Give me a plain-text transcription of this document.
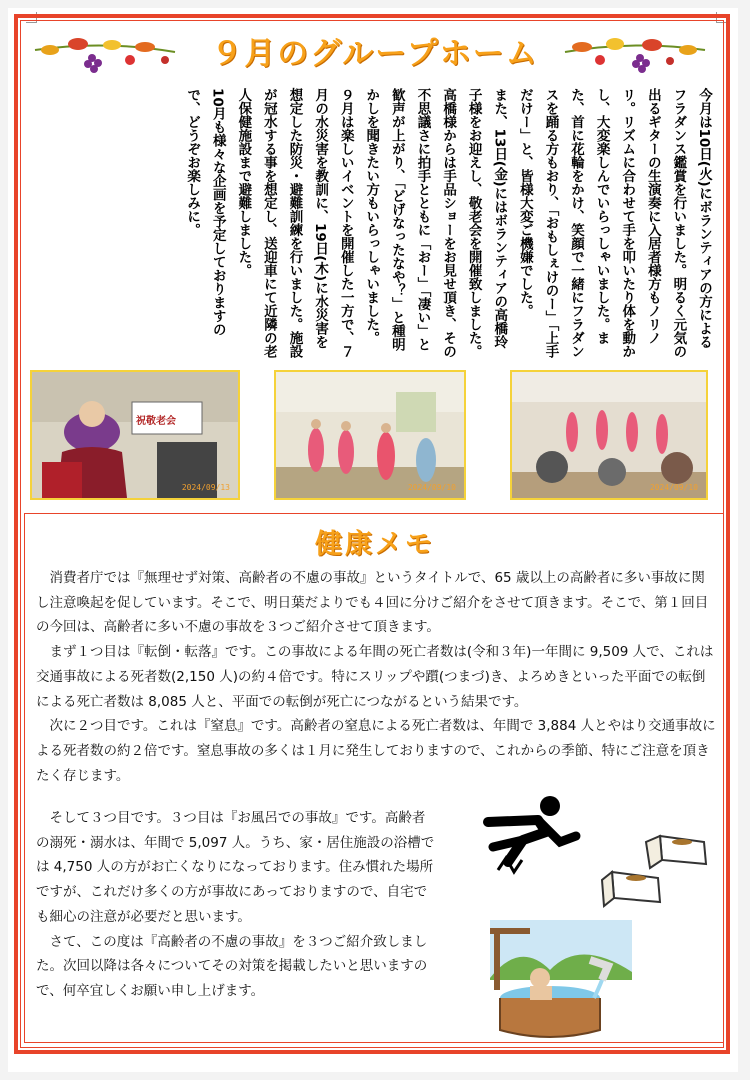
９月のグループホーム

今月は10日(火)にボランティアの方によるフラダンス鑑賞を行いました。明るく元気の出るギターの生演奏に入居者様方もノリノリ。リズムに合わせて手を叩いたり体を動かし、大変楽しんでいらっしゃいました。また、首に花輪をかけ、笑顔で一緒にフラダンスを踊る方もおり、「おもしぇけのー」「上手だけー」と、皆様大変ご機嫌でした。

また、13日(金)にはボランティアの高橋玲子様をお迎えし、敬老会を開催致しました。高橋様からは手品ショーをお見せ頂き、その不思議さに拍手とともに「おー」「凄い」と歓声が上がり、「どげなったなや？」と種明かしを聞きたい方もいらっしゃいました。

９月は楽しいイベントを開催した一方で、７月の水災害を教訓に、19日(木)に水災害を想定した防災・避難訓練を行いました。施設が冠水する事を想定し、送迎車にて近隣の老人保健施設まで避難しました。

10月も様々な企画を予定しておりますので、どうぞお楽しみに。

祝敬老会
2024/09/13	2024/09/10	2024/09/10
健康メモ

消費者庁では『無理せず対策、高齢者の不慮の事故』というタイトルで、65 歳以上の高齢者に多い事故に関し注意喚起を促しています。そこで、明日葉だよりでも４回に分けご紹介をさせて頂きます。そこで、第１回目の今回は、高齢者に多い不慮の事故を３つご紹介させて頂きます。

まず１つ目は『転倒・転落』です。この事故による年間の死亡者数は(令和３年)一年間に 9,509 人で、これは交通事故による死者数(2,150 人)の約４倍です。特にスリップや躓(つまづ)き、よろめきといった平面での転倒による死亡者数は 8,085 人と、平面での転倒が死亡につながるという結果です。

次に２つ目です。これは『窒息』です。高齢者の窒息による死亡者数は、年間で 3,884 人とやはり交通事故による死者数の約２倍です。窒息事故の多くは１月に発生しておりますので、これからの季節、特にご注意を頂きたく存じます。

そして３つ目です。３つ目は『お風呂での事故』です。高齢者の溺死・溺水は、年間で 5,097 人。うち、家・居住施設の浴槽では 4,750 人の方がお亡くなりになっております。住み慣れた場所ですが、これだけ多くの方が事故にあっておりますので、自宅でも細心の注意が必要だと思います。

さて、この度は『高齢者の不慮の事故』を３つご紹介致しました。次回以降は各々についてその対策を掲載したいと思いますので、何卒宜しくお願い申し上げます。
